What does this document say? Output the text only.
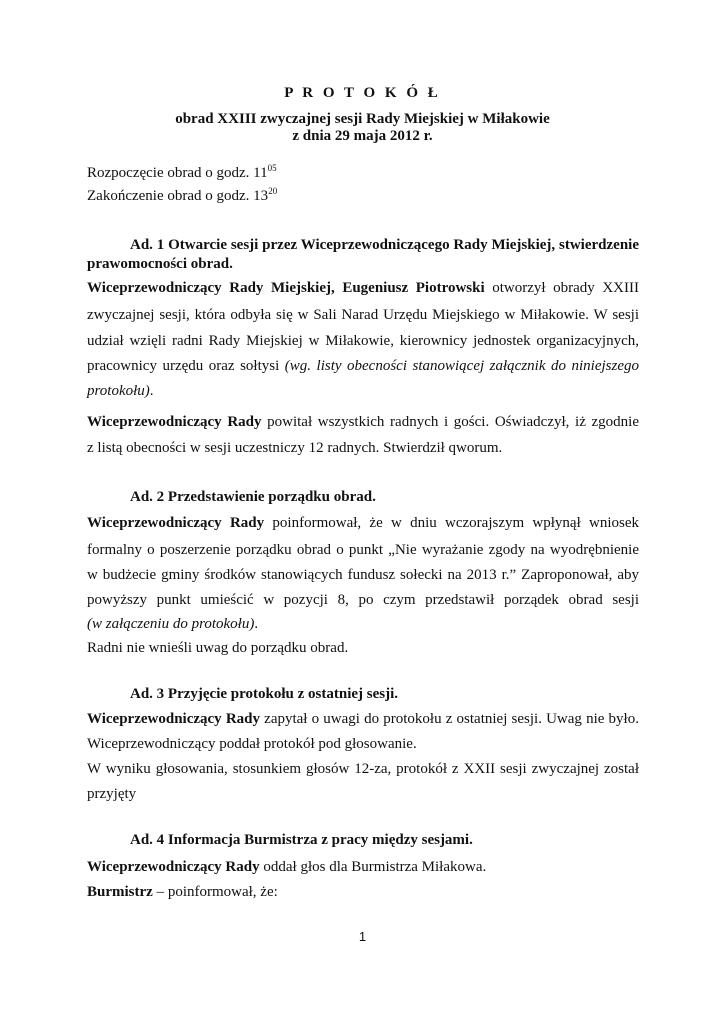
P R O T O K Ó Ł
obrad XXIII zwyczajnej sesji Rady Miejskiej w Miłakowie
z dnia 29 maja 2012 r.
Rozpoczęcie obrad o godz. $11^{05}$
Zakończenie obrad o godz. $13^{20}$
Ad. 1 Otwarcie sesji przez Wiceprzewodniczącego Rady Miejskiej, stwierdzenie
prawomocności obrad.
Wiceprzewodniczący Rady Miejskiej, Eugeniusz Piotrowski otworzył obrady XXIII
zwyczajnej sesji, która odbyła się w Sali Narad Urzędu Miejskiego w Miłakowie. W sesji
udział wzięli radni Rady Miejskiej w Miłakowie, kierownicy jednostek organizacyjnych,
pracownicy urzędu oraz sołtysi (wg. listy obecności stanowiącej załącznik do niniejszego
protokołu).
Wiceprzewodniczący Rady powitał wszystkich radnych i gości. Oświadczył, iż zgodnie
z listą obecności w sesji uczestniczy 12 radnych. Stwierdził qworum.
Ad. 2 Przedstawienie porządku obrad.
Wiceprzewodniczący Rady poinformował, że w dniu wczorajszym wpłynął wniosek
formalny o poszerzenie porządku obrad o punkt „Nie wyrażanie zgody na wyodrębnienie
w budżecie gminy środków stanowiących fundusz sołecki na 2013 r.” Zaproponował, aby
powyższy punkt umieścić w pozycji 8, po czym przedstawił porządek obrad sesji
(w załączeniu do protokołu).
Radni nie wnieśli uwag do porządku obrad.
Ad. 3 Przyjęcie protokołu z ostatniej sesji.
Wiceprzewodniczący Rady zapytał o uwagi do protokołu z ostatniej sesji. Uwag nie było.
Wiceprzewodniczący poddał protokół pod głosowanie.
W wyniku głosowania, stosunkiem głosów 12-za, protokół z XXII sesji zwyczajnej został
przyjęty
Ad. 4 Informacja Burmistrza z pracy między sesjami.
Wiceprzewodniczący Rady oddał głos dla Burmistrza Miłakowa.
Burmistrz – poinformował, że:
1
